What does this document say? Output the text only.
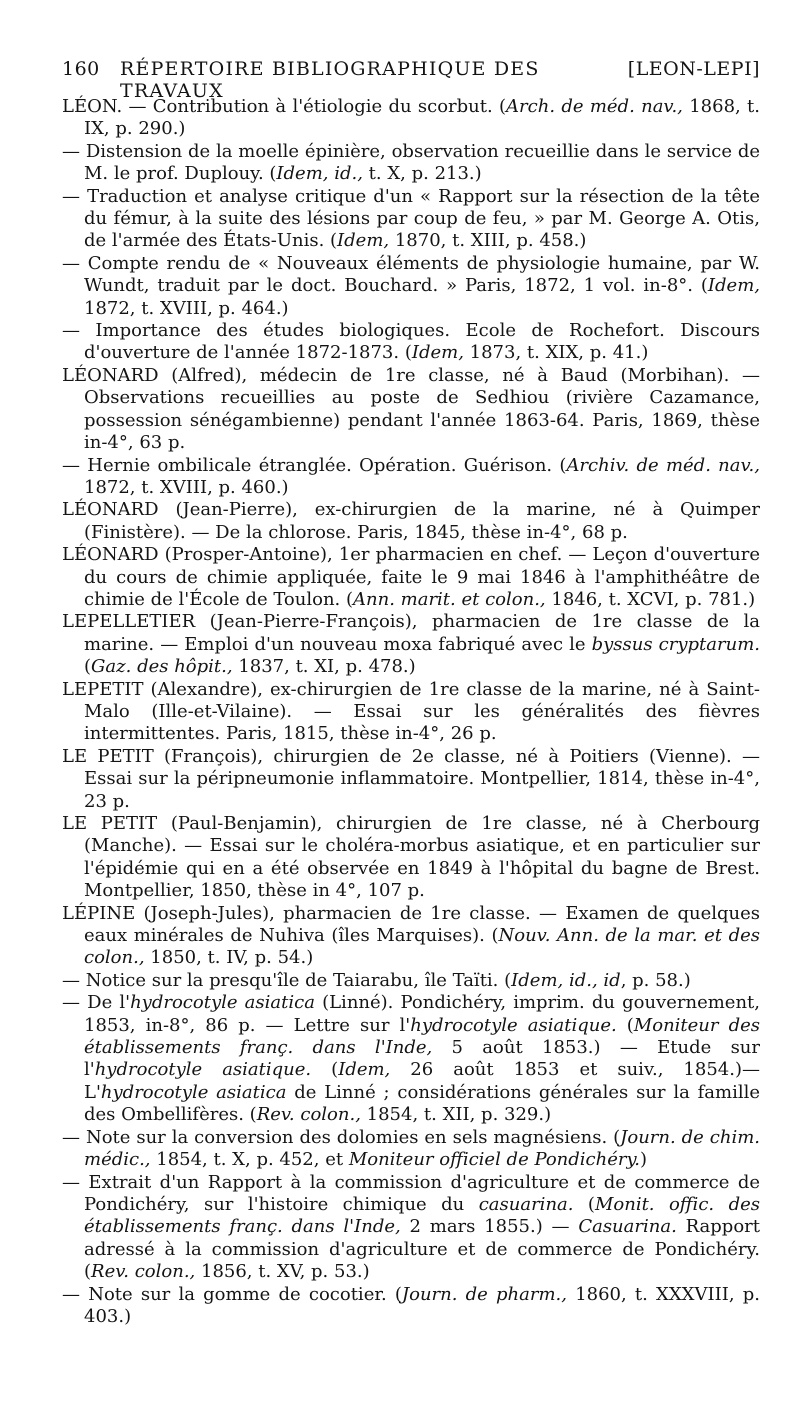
160	RÉPERTOIRE BIBLIOGRAPHIQUE DES TRAVAUX
[LEON-LEPI]

LÉON. — Contribution à l'étiologie du scorbut. (Arch. de méd. nav., 1868, t. IX, p. 290.)

— Distension de la moelle épinière, observation recueillie dans le service de M. le prof. Duplouy. (Idem, id., t. X, p. 213.)

— Traduction et analyse critique d'un « Rapport sur la résection de la tête du fémur, à la suite des lésions par coup de feu, » par M. George A. Otis, de l'armée des États-Unis. (Idem, 1870, t. XIII, p. 458.)

— Compte rendu de « Nouveaux éléments de physiologie humaine, par W. Wundt, traduit par le doct. Bouchard. » Paris, 1872, 1 vol. in-8°. (Idem, 1872, t. XVIII, p. 464.)

— Importance des études biologiques. Ecole de Rochefort. Discours d'ouverture de l'année 1872-1873. (Idem, 1873, t. XIX, p. 41.)

LÉONARD (Alfred), médecin de 1re classe, né à Baud (Morbihan). — Observations recueillies au poste de Sedhiou (rivière Cazamance, possession sénégambienne) pendant l'année 1863-64. Paris, 1869, thèse in-4°, 63 p.

— Hernie ombilicale étranglée. Opération. Guérison. (Archiv. de méd. nav., 1872, t. XVIII, p. 460.)

LÉONARD (Jean-Pierre), ex-chirurgien de la marine, né à Quimper (Finistère). — De la chlorose. Paris, 1845, thèse in-4°, 68 p.

LÉONARD (Prosper-Antoine), 1er pharmacien en chef. — Leçon d'ouverture du cours de chimie appliquée, faite le 9 mai 1846 à l'amphithéâtre de chimie de l'École de Toulon. (Ann. marit. et colon., 1846, t. XCVI, p. 781.)

LEPELLETIER (Jean-Pierre-François), pharmacien de 1re classe de la marine. — Emploi d'un nouveau moxa fabriqué avec le byssus cryptarum. (Gaz. des hôpit., 1837, t. XI, p. 478.)

LEPETIT (Alexandre), ex-chirurgien de 1re classe de la marine, né à Saint-Malo (Ille-et-Vilaine). — Essai sur les généralités des fièvres intermittentes. Paris, 1815, thèse in-4°, 26 p.

LE PETIT (François), chirurgien de 2e classe, né à Poitiers (Vienne). — Essai sur la péripneumonie inflammatoire. Montpellier, 1814, thèse in-4°, 23 p.

LE PETIT (Paul-Benjamin), chirurgien de 1re classe, né à Cherbourg (Manche). — Essai sur le choléra-morbus asiatique, et en particulier sur l'épidémie qui en a été observée en 1849 à l'hôpital du bagne de Brest. Montpellier, 1850, thèse in 4°, 107 p.

LÉPINE (Joseph-Jules), pharmacien de 1re classe. — Examen de quelques eaux minérales de Nuhiva (îles Marquises). (Nouv. Ann. de la mar. et des colon., 1850, t. IV, p. 54.)

— Notice sur la presqu'île de Taiarabu, île Taïti. (Idem, id., id, p. 58.)

— De l'hydrocotyle asiatica (Linné). Pondichéry, imprim. du gouvernement, 1853, in-8°, 86 p. — Lettre sur l'hydrocotyle asiatique. (Moniteur des établissements franç. dans l'Inde, 5 août 1853.) — Etude sur l'hydrocotyle asiatique. (Idem, 26 août 1853 et suiv., 1854.)— L'hydrocotyle asiatica de Linné ; considérations générales sur la famille des Ombellifères. (Rev. colon., 1854, t. XII, p. 329.)

— Note sur la conversion des dolomies en sels magnésiens. (Journ. de chim. médic., 1854, t. X, p. 452, et Moniteur officiel de Pondichéry.)

— Extrait d'un Rapport à la commission d'agriculture et de commerce de Pondichéry, sur l'histoire chimique du casuarina. (Monit. offic. des établissements franç. dans l'Inde, 2 mars 1855.) — Casuarina. Rapport adressé à la commission d'agriculture et de commerce de Pondichéry. (Rev. colon., 1856, t. XV, p. 53.)

— Note sur la gomme de cocotier. (Journ. de pharm., 1860, t. XXXVIII, p. 403.)
